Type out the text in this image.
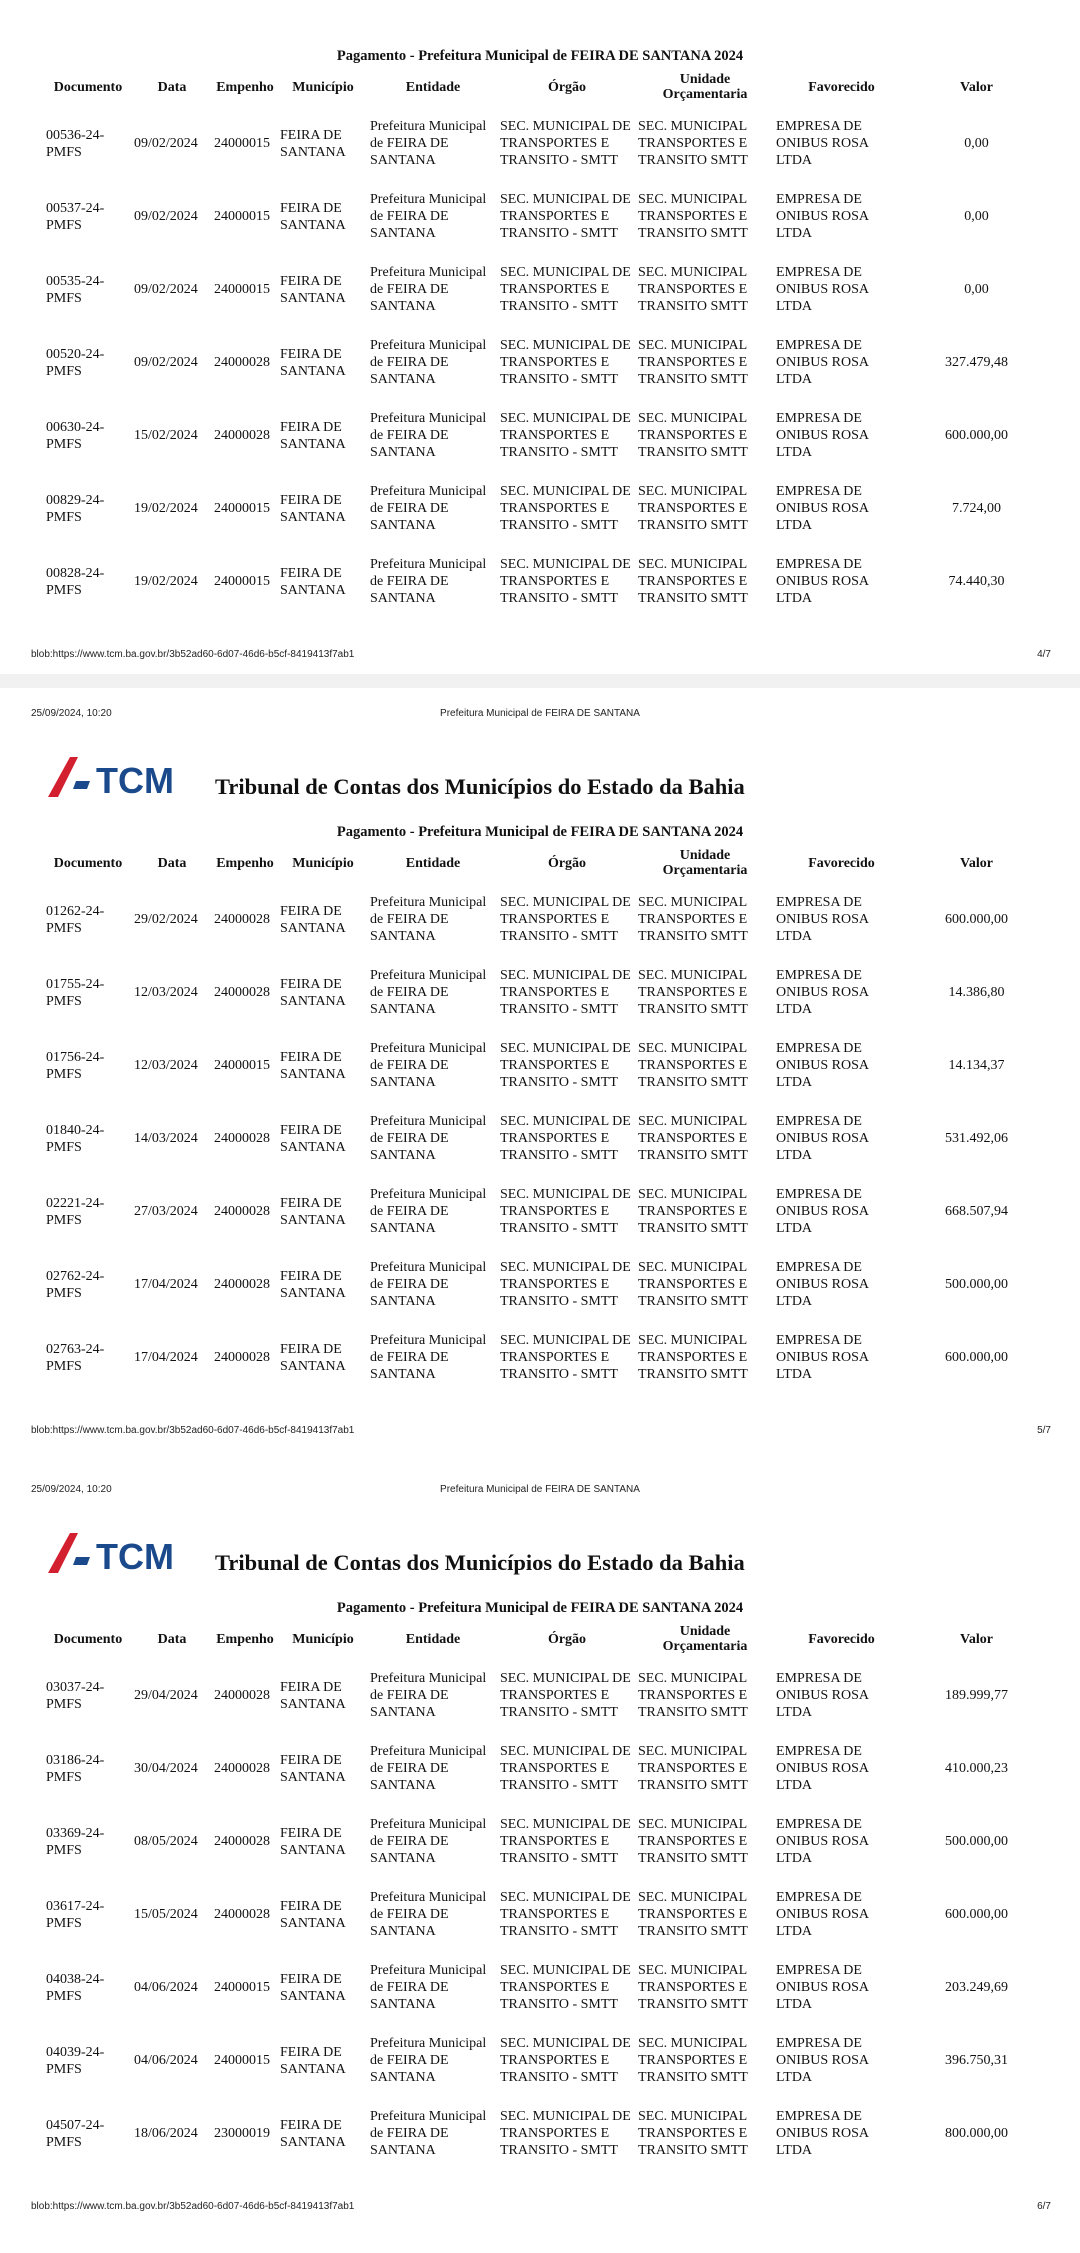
Pagamento - Prefeitura Municipal de FEIRA DE SANTANA 2024
Documento	Data	Empenho	Município	Entidade	Órgão	Unidade Orçamentaria	Favorecido	Valor
00536-24-PMFS	09/02/2024	24000015	FEIRA DE SANTANA	Prefeitura Municipal de FEIRA DE SANTANA	SEC. MUNICIPAL DE TRANSPORTES E TRANSITO - SMTT	SEC. MUNICIPAL TRANSPORTES E TRANSITO SMTT	EMPRESA DE ONIBUS ROSA LTDA	0,00
00537-24-PMFS	09/02/2024	24000015	FEIRA DE SANTANA	Prefeitura Municipal de FEIRA DE SANTANA	SEC. MUNICIPAL DE TRANSPORTES E TRANSITO - SMTT	SEC. MUNICIPAL TRANSPORTES E TRANSITO SMTT	EMPRESA DE ONIBUS ROSA LTDA	0,00
00535-24-PMFS	09/02/2024	24000015	FEIRA DE SANTANA	Prefeitura Municipal de FEIRA DE SANTANA	SEC. MUNICIPAL DE TRANSPORTES E TRANSITO - SMTT	SEC. MUNICIPAL TRANSPORTES E TRANSITO SMTT	EMPRESA DE ONIBUS ROSA LTDA	0,00
00520-24-PMFS	09/02/2024	24000028	FEIRA DE SANTANA	Prefeitura Municipal de FEIRA DE SANTANA	SEC. MUNICIPAL DE TRANSPORTES E TRANSITO - SMTT	SEC. MUNICIPAL TRANSPORTES E TRANSITO SMTT	EMPRESA DE ONIBUS ROSA LTDA	327.479,48
00630-24-PMFS	15/02/2024	24000028	FEIRA DE SANTANA	Prefeitura Municipal de FEIRA DE SANTANA	SEC. MUNICIPAL DE TRANSPORTES E TRANSITO - SMTT	SEC. MUNICIPAL TRANSPORTES E TRANSITO SMTT	EMPRESA DE ONIBUS ROSA LTDA	600.000,00
00829-24-PMFS	19/02/2024	24000015	FEIRA DE SANTANA	Prefeitura Municipal de FEIRA DE SANTANA	SEC. MUNICIPAL DE TRANSPORTES E TRANSITO - SMTT	SEC. MUNICIPAL TRANSPORTES E TRANSITO SMTT	EMPRESA DE ONIBUS ROSA LTDA	7.724,00
00828-24-PMFS	19/02/2024	24000015	FEIRA DE SANTANA	Prefeitura Municipal de FEIRA DE SANTANA	SEC. MUNICIPAL DE TRANSPORTES E TRANSITO - SMTT	SEC. MUNICIPAL TRANSPORTES E TRANSITO SMTT	EMPRESA DE ONIBUS ROSA LTDA	74.440,30
blob:https://www.tcm.ba.gov.br/3b52ad60-6d07-46d6-b5cf-8419413f7ab1	4/7
25/09/2024, 10:20	Prefeitura Municipal de FEIRA DE SANTANA
TCM Tribunal de Contas dos Municípios do Estado da Bahia
Pagamento - Prefeitura Municipal de FEIRA DE SANTANA 2024
Documento	Data	Empenho	Município	Entidade	Órgão	Unidade Orçamentaria	Favorecido	Valor
01262-24-PMFS	29/02/2024	24000028	FEIRA DE SANTANA	Prefeitura Municipal de FEIRA DE SANTANA	SEC. MUNICIPAL DE TRANSPORTES E TRANSITO - SMTT	SEC. MUNICIPAL TRANSPORTES E TRANSITO SMTT	EMPRESA DE ONIBUS ROSA LTDA	600.000,00
01755-24-PMFS	12/03/2024	24000028	FEIRA DE SANTANA	Prefeitura Municipal de FEIRA DE SANTANA	SEC. MUNICIPAL DE TRANSPORTES E TRANSITO - SMTT	SEC. MUNICIPAL TRANSPORTES E TRANSITO SMTT	EMPRESA DE ONIBUS ROSA LTDA	14.386,80
01756-24-PMFS	12/03/2024	24000015	FEIRA DE SANTANA	Prefeitura Municipal de FEIRA DE SANTANA	SEC. MUNICIPAL DE TRANSPORTES E TRANSITO - SMTT	SEC. MUNICIPAL TRANSPORTES E TRANSITO SMTT	EMPRESA DE ONIBUS ROSA LTDA	14.134,37
01840-24-PMFS	14/03/2024	24000028	FEIRA DE SANTANA	Prefeitura Municipal de FEIRA DE SANTANA	SEC. MUNICIPAL DE TRANSPORTES E TRANSITO - SMTT	SEC. MUNICIPAL TRANSPORTES E TRANSITO SMTT	EMPRESA DE ONIBUS ROSA LTDA	531.492,06
02221-24-PMFS	27/03/2024	24000028	FEIRA DE SANTANA	Prefeitura Municipal de FEIRA DE SANTANA	SEC. MUNICIPAL DE TRANSPORTES E TRANSITO - SMTT	SEC. MUNICIPAL TRANSPORTES E TRANSITO SMTT	EMPRESA DE ONIBUS ROSA LTDA	668.507,94
02762-24-PMFS	17/04/2024	24000028	FEIRA DE SANTANA	Prefeitura Municipal de FEIRA DE SANTANA	SEC. MUNICIPAL DE TRANSPORTES E TRANSITO - SMTT	SEC. MUNICIPAL TRANSPORTES E TRANSITO SMTT	EMPRESA DE ONIBUS ROSA LTDA	500.000,00
02763-24-PMFS	17/04/2024	24000028	FEIRA DE SANTANA	Prefeitura Municipal de FEIRA DE SANTANA	SEC. MUNICIPAL DE TRANSPORTES E TRANSITO - SMTT	SEC. MUNICIPAL TRANSPORTES E TRANSITO SMTT	EMPRESA DE ONIBUS ROSA LTDA	600.000,00
blob:https://www.tcm.ba.gov.br/3b52ad60-6d07-46d6-b5cf-8419413f7ab1	5/7
25/09/2024, 10:20	Prefeitura Municipal de FEIRA DE SANTANA
TCM Tribunal de Contas dos Municípios do Estado da Bahia
Pagamento - Prefeitura Municipal de FEIRA DE SANTANA 2024
Documento	Data	Empenho	Município	Entidade	Órgão	Unidade Orçamentaria	Favorecido	Valor
03037-24-PMFS	29/04/2024	24000028	FEIRA DE SANTANA	Prefeitura Municipal de FEIRA DE SANTANA	SEC. MUNICIPAL DE TRANSPORTES E TRANSITO - SMTT	SEC. MUNICIPAL TRANSPORTES E TRANSITO SMTT	EMPRESA DE ONIBUS ROSA LTDA	189.999,77
03186-24-PMFS	30/04/2024	24000028	FEIRA DE SANTANA	Prefeitura Municipal de FEIRA DE SANTANA	SEC. MUNICIPAL DE TRANSPORTES E TRANSITO - SMTT	SEC. MUNICIPAL TRANSPORTES E TRANSITO SMTT	EMPRESA DE ONIBUS ROSA LTDA	410.000,23
03369-24-PMFS	08/05/2024	24000028	FEIRA DE SANTANA	Prefeitura Municipal de FEIRA DE SANTANA	SEC. MUNICIPAL DE TRANSPORTES E TRANSITO - SMTT	SEC. MUNICIPAL TRANSPORTES E TRANSITO SMTT	EMPRESA DE ONIBUS ROSA LTDA	500.000,00
03617-24-PMFS	15/05/2024	24000028	FEIRA DE SANTANA	Prefeitura Municipal de FEIRA DE SANTANA	SEC. MUNICIPAL DE TRANSPORTES E TRANSITO - SMTT	SEC. MUNICIPAL TRANSPORTES E TRANSITO SMTT	EMPRESA DE ONIBUS ROSA LTDA	600.000,00
04038-24-PMFS	04/06/2024	24000015	FEIRA DE SANTANA	Prefeitura Municipal de FEIRA DE SANTANA	SEC. MUNICIPAL DE TRANSPORTES E TRANSITO - SMTT	SEC. MUNICIPAL TRANSPORTES E TRANSITO SMTT	EMPRESA DE ONIBUS ROSA LTDA	203.249,69
04039-24-PMFS	04/06/2024	24000015	FEIRA DE SANTANA	Prefeitura Municipal de FEIRA DE SANTANA	SEC. MUNICIPAL DE TRANSPORTES E TRANSITO - SMTT	SEC. MUNICIPAL TRANSPORTES E TRANSITO SMTT	EMPRESA DE ONIBUS ROSA LTDA	396.750,31
04507-24-PMFS	18/06/2024	23000019	FEIRA DE SANTANA	Prefeitura Municipal de FEIRA DE SANTANA	SEC. MUNICIPAL DE TRANSPORTES E TRANSITO - SMTT	SEC. MUNICIPAL TRANSPORTES E TRANSITO SMTT	EMPRESA DE ONIBUS ROSA LTDA	800.000,00
blob:https://www.tcm.ba.gov.br/3b52ad60-6d07-46d6-b5cf-8419413f7ab1	6/7
